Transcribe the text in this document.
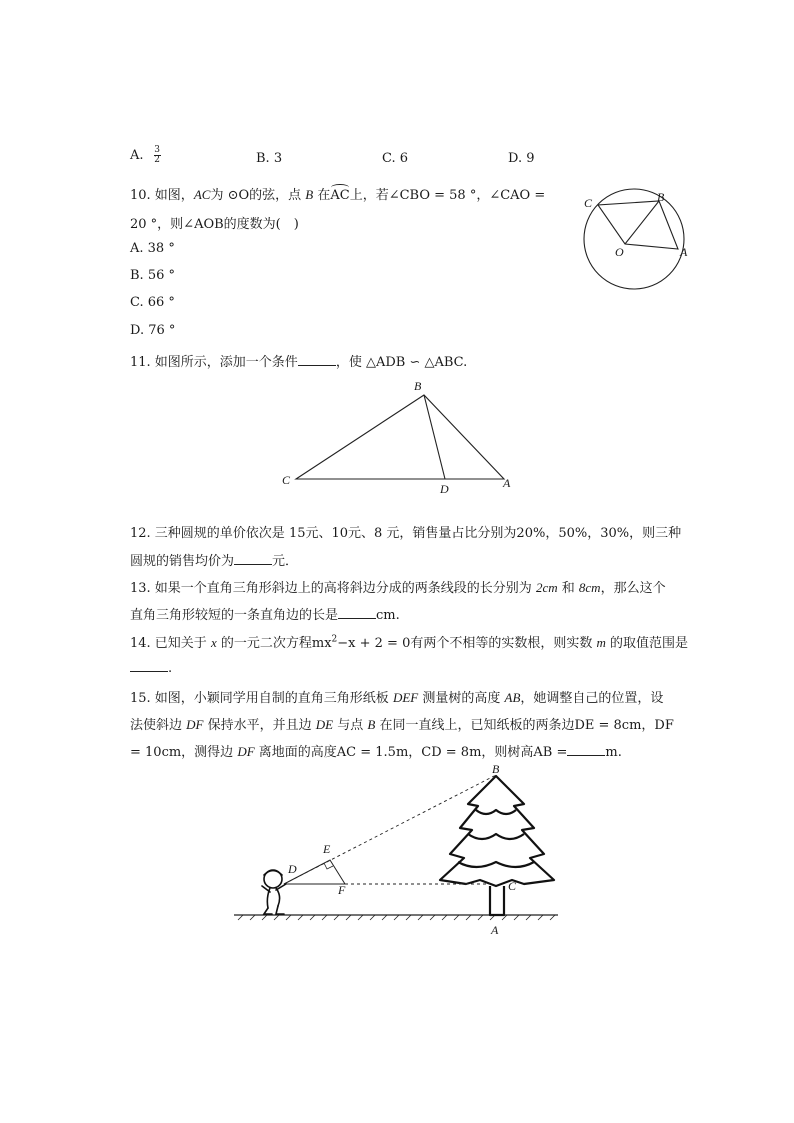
A. $\frac{3}{2}$	B. 3	C. 6	D. 9
10. 如图，AC为 ⊙O的弦，点 B 在AC上，若∠CBO = 58 °，∠CAO =
20 °，则∠AOB的度数为(　)
A. 38 °
B. 56 °
C. 66 °
D. 76 °
C	B
O	A
11. 如图所示，添加一个条件	，使 △ADB ∽ △ABC.
B
C
D	A
12. 三种圆规的单价依次是 15元、10元、8 元，销售量占比分别为20%，50%，30%，则三种
圆规的销售均价为	元．
13. 如果一个直角三角形斜边上的高将斜边分成的两条线段的长分别为 2cm 和 8cm，那么这个
直角三角形较短的一条直角边的长是	cm.
14. 已知关于 x 的一元二次方程$mx^2-x + 2 = 0$有两个不相等的实数根，则实数 m 的取值范围是
.
15. 如图，小颖同学用自制的直角三角形纸板 DEF 测量树的高度 AB，她调整自己的位置，设
法使斜边 DF 保持水平，并且边 DE 与点 B 在同一直线上，已知纸板的两条边DE = 8cm，DF
= 10cm，测得边 DF 离地面的高度AC = 1.5m，CD = 8m，则树高AB =	m.
B
E
D
F	C
A
